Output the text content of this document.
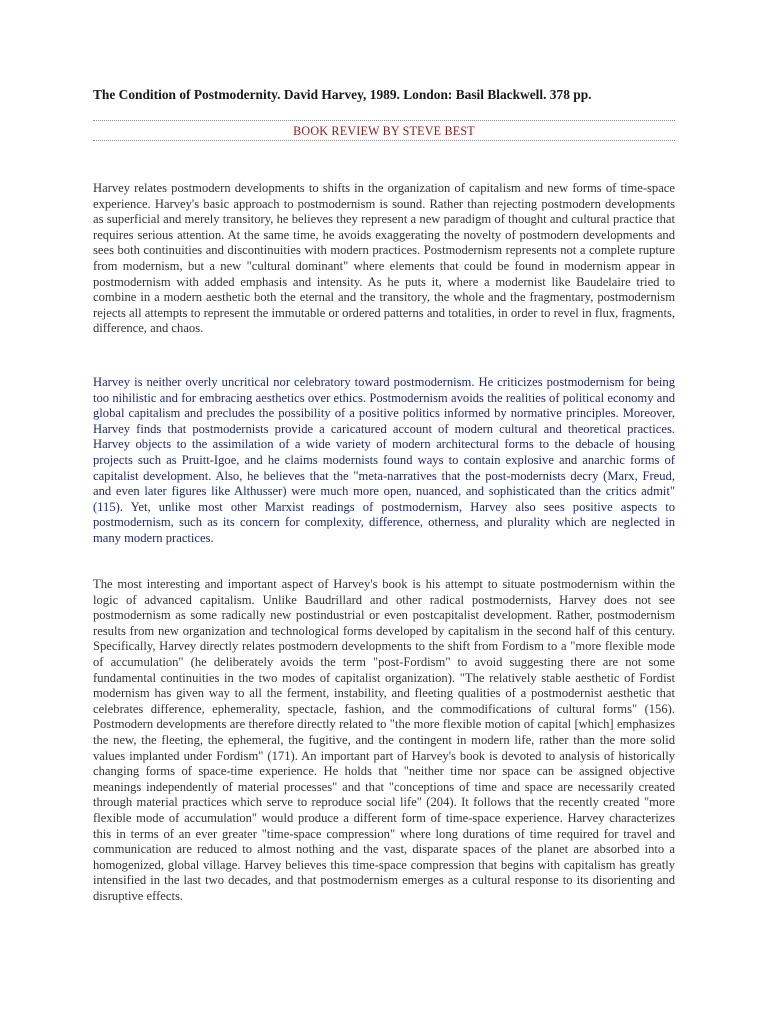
The Condition of Postmodernity. David Harvey, 1989. London: Basil Blackwell. 378 pp.

BOOK REVIEW BY STEVE BEST

Harvey relates postmodern developments to shifts in the organization of capitalism and new forms of time-space experience. Harvey's basic approach to postmodernism is sound. Rather than rejecting postmodern developments as superficial and merely transitory, he believes they represent a new paradigm of thought and cultural practice that requires serious attention. At the same time, he avoids exaggerating the novelty of postmodern developments and sees both continuities and discontinuities with modern practices. Postmodernism represents not a complete rupture from modernism, but a new "cultural dominant" where elements that could be found in modernism appear in postmodernism with added emphasis and intensity. As he puts it, where a modernist like Baudelaire tried to combine in a modern aesthetic both the eternal and the transitory, the whole and the fragmentary, postmodernism rejects all attempts to represent the immutable or ordered patterns and totalities, in order to revel in flux, fragments, difference, and chaos.

Harvey is neither overly uncritical nor celebratory toward postmodernism. He criticizes postmodernism for being too nihilistic and for embracing aesthetics over ethics. Postmodernism avoids the realities of political economy and global capitalism and precludes the possibility of a positive politics informed by normative principles. Moreover, Harvey finds that postmodernists provide a caricatured account of modern cultural and theoretical practices. Harvey objects to the assimilation of a wide variety of modern architectural forms to the debacle of housing projects such as Pruitt-Igoe, and he claims modernists found ways to contain explosive and anarchic forms of capitalist development. Also, he believes that the "meta-narratives that the post-modernists decry (Marx, Freud, and even later figures like Althusser) were much more open, nuanced, and sophisticated than the critics admit" (115). Yet, unlike most other Marxist readings of postmodernism, Harvey also sees positive aspects to postmodernism, such as its concern for complexity, difference, otherness, and plurality which are neglected in many modern practices.

The most interesting and important aspect of Harvey's book is his attempt to situate postmodernism within the logic of advanced capitalism. Unlike Baudrillard and other radical postmodernists, Harvey does not see postmodernism as some radically new postindustrial or even postcapitalist development. Rather, postmodernism results from new organization and technological forms developed by capitalism in the second half of this century. Specifically, Harvey directly relates postmodern developments to the shift from Fordism to a "more flexible mode of accumulation" (he deliberately avoids the term "post-Fordism" to avoid suggesting there are not some fundamental continuities in the two modes of capitalist organization). "The relatively stable aesthetic of Fordist modernism has given way to all the ferment, instability, and fleeting qualities of a postmodernist aesthetic that celebrates difference, ephemerality, spectacle, fashion, and the commodifications of cultural forms" (156). Postmodern developments are therefore directly related to "the more flexible motion of capital [which] emphasizes the new, the fleeting, the ephemeral, the fugitive, and the contingent in modern life, rather than the more solid values implanted under Fordism" (171). An important part of Harvey's book is devoted to analysis of historically changing forms of space-time experience. He holds that "neither time nor space can be assigned objective meanings independently of material processes" and that "conceptions of time and space are necessarily created through material practices which serve to reproduce social life" (204). It follows that the recently created "more flexible mode of accumulation" would produce a different form of time-space experience. Harvey characterizes this in terms of an ever greater "time-space compression" where long durations of time required for travel and communication are reduced to almost nothing and the vast, disparate spaces of the planet are absorbed into a homogenized, global village. Harvey believes this time-space compression that begins with capitalism has greatly intensified in the last two decades, and that postmodernism emerges as a cultural response to its disorienting and disruptive effects.
